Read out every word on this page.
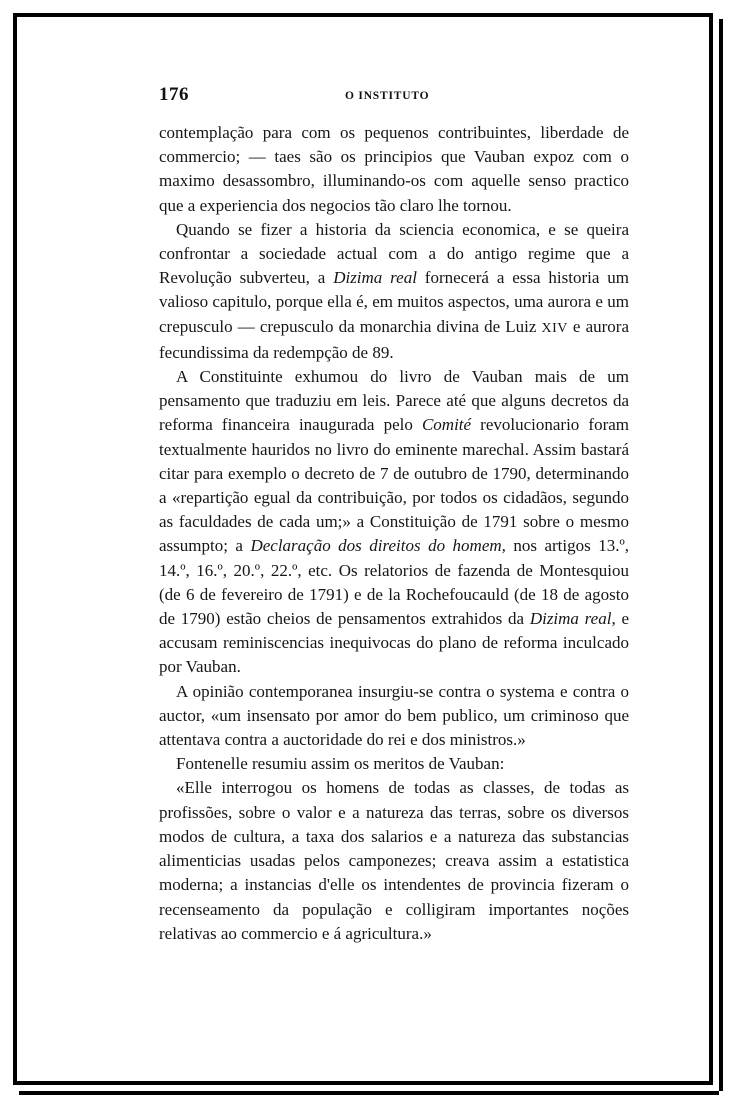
176	O INSTITUTO

contemplação para com os pequenos contribuintes, liberdade de commercio; — taes são os principios que Vauban expoz com o maximo desassombro, illuminando-os com aquelle senso practico que a experiencia dos negocios tão claro lhe tornou.

Quando se fizer a historia da sciencia economica, e se queira confrontar a sociedade actual com a do antigo regime que a Revolução subverteu, a Dizima real fornecerá a essa historia um valioso capitulo, porque ella é, em muitos aspectos, uma aurora e um crepusculo — crepusculo da monarchia divina de Luiz XIV e aurora fecundissima da redempção de 89.

A Constituinte exhumou do livro de Vauban mais de um pensamento que traduziu em leis. Parece até que alguns decretos da reforma financeira inaugurada pelo Comité revolucionario foram textualmente hauridos no livro do eminente marechal. Assim bastará citar para exemplo o decreto de 7 de outubro de 1790, determinando a «repartição egual da contribuição, por todos os cidadãos, segundo as faculdades de cada um;» a Constituição de 1791 sobre o mesmo assumpto; a Declaração dos direitos do homem, nos artigos 13.º, 14.º, 16.º, 20.º, 22.º, etc. Os relatorios de fazenda de Montesquiou (de 6 de fevereiro de 1791) e de la Rochefoucauld (de 18 de agosto de 1790) estão cheios de pensamentos extrahidos da Dizima real, e accusam reminiscencias inequivocas do plano de reforma inculcado por Vauban.

A opinião contemporanea insurgiu-se contra o systema e contra o auctor, «um insensato por amor do bem publico, um criminoso que attentava contra a auctoridade do rei e dos ministros.»

Fontenelle resumiu assim os meritos de Vauban:

«Elle interrogou os homens de todas as classes, de todas as profissões, sobre o valor e a natureza das terras, sobre os diversos modos de cultura, a taxa dos salarios e a natureza das substancias alimenticias usadas pelos camponezes; creava assim a estatistica moderna; a instancias d'elle os intendentes de provincia fizeram o recenseamento da população e colligiram importantes noções relativas ao commercio e á agricultura.»
